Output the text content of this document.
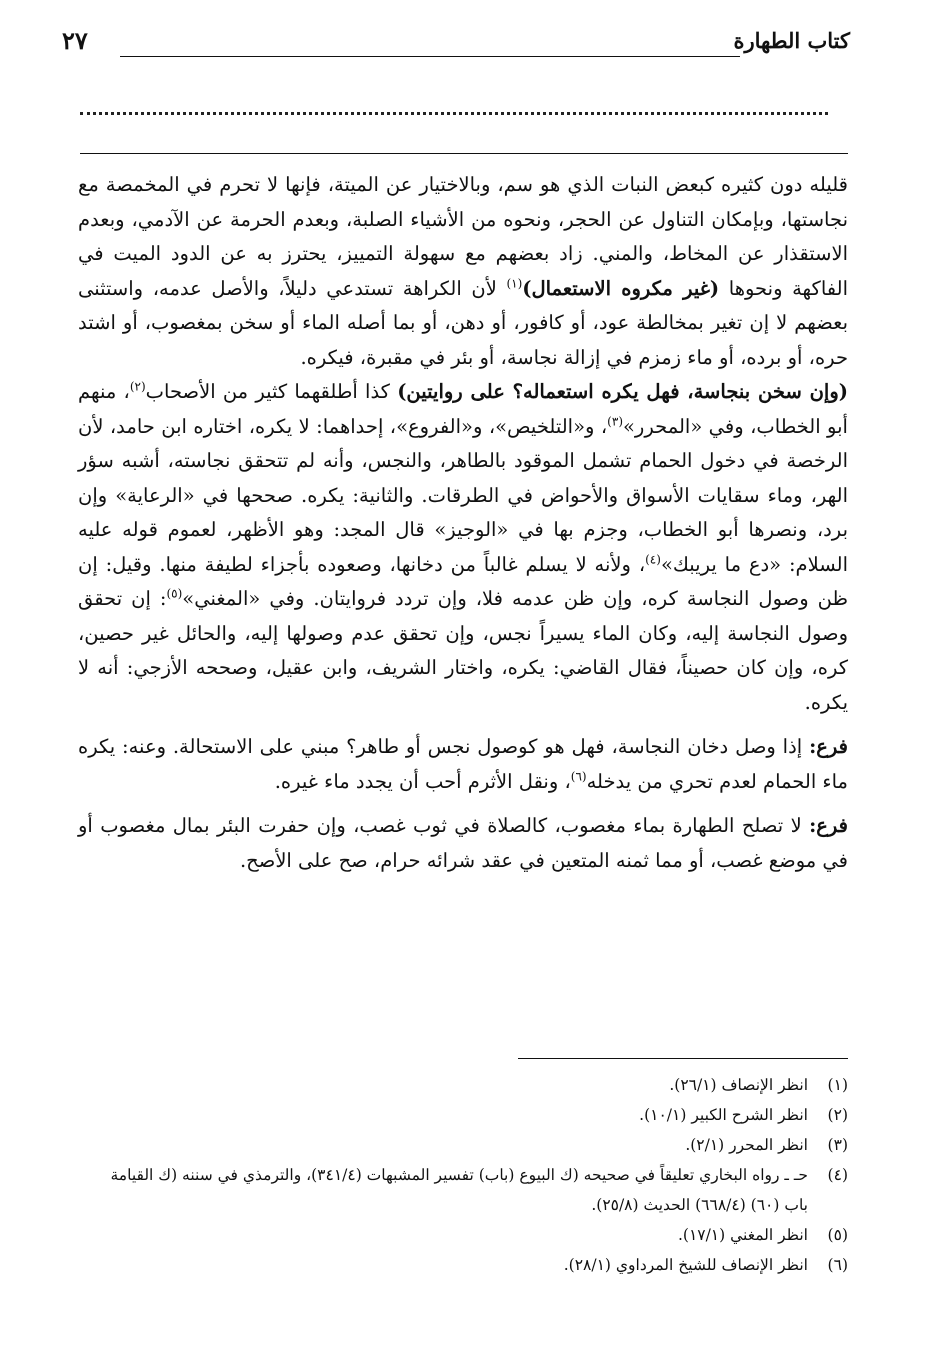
كتاب الطهارة
٢٧

قليله دون كثيره كبعض النبات الذي هو سم، وبالاختيار عن الميتة، فإنها لا تحرم في المخمصة مع نجاستها، وبإمكان التناول عن الحجر، ونحوه من الأشياء الصلبة، وبعدم الحرمة عن الآدمي، وبعدم الاستقذار عن المخاط، والمني. زاد بعضهم مع سهولة التمييز، يحترز به عن الدود الميت في الفاكهة ونحوها (غير مكروه الاستعمال)$^{(١)}$ لأن الكراهة تستدعي دليلاً، والأصل عدمه، واستثنى بعضهم لا إن تغير بمخالطة عود، أو كافور، أو دهن، أو بما أصله الماء أو سخن بمغصوب، أو اشتد حره، أو برده، أو ماء زمزم في إزالة نجاسة، أو بئر في مقبرة، فيكره.

(وإن سخن بنجاسة، فهل يكره استعماله؟ على روايتين) كذا أطلقهما كثير من الأصحاب$^{(٢)}$، منهم أبو الخطاب، وفي «المحرر»$^{(٣)}$، و«التلخيص»، و«الفروع»، إحداهما: لا يكره، اختاره ابن حامد، لأن الرخصة في دخول الحمام تشمل الموقود بالطاهر، والنجس، وأنه لم تتحقق نجاسته، أشبه سؤر الهر، وماء سقايات الأسواق والأحواض في الطرقات. والثانية: يكره. صححها في «الرعاية» وإن برد، ونصرها أبو الخطاب، وجزم بها في «الوجيز» قال المجد: وهو الأظهر، لعموم قوله عليه السلام: «دع ما يريبك»$^{(٤)}$، ولأنه لا يسلم غالباً من دخانها، وصعوده بأجزاء لطيفة منها. وقيل: إن ظن وصول النجاسة كره، وإن ظن عدمه فلا، وإن تردد فروايتان. وفي «المغني»$^{(٥)}$: إن تحقق وصول النجاسة إليه، وكان الماء يسيراً نجس، وإن تحقق عدم وصولها إليه، والحائل غير حصين، كره، وإن كان حصيناً، فقال القاضي: يكره، واختار الشريف، وابن عقيل، وصححه الأزجي: أنه لا يكره.

فرع: إذا وصل دخان النجاسة، فهل هو كوصول نجس أو طاهر؟ مبني على الاستحالة. وعنه: يكره ماء الحمام لعدم تحري من يدخله$^{(٦)}$، ونقل الأثرم أحب أن يجدد ماء غيره.

فرع: لا تصلح الطهارة بماء مغصوب، كالصلاة في ثوب غصب، وإن حفرت البئر بمال مغصوب أو في موضع غصب، أو مما ثمنه المتعين في عقد شرائه حرام، صح على الأصح.

(١)
انظر الإنصاف (٢٦/١).
(٢)
انظر الشرح الكبير (١٠/١).
(٣)
انظر المحرر (٢/١).
(٤)
حـ ـ رواه البخاري تعليقاً في صحيحه (ك البيوع (باب) تفسير المشبهات (٣٤١/٤)، والترمذي في سننه (ك القيامة باب (٦٠) (٦٦٨/٤) الحديث (٢٥/٨).
(٥)
انظر المغني (١٧/١).
(٦)
انظر الإنصاف للشيخ المرداوي (٢٨/١).
